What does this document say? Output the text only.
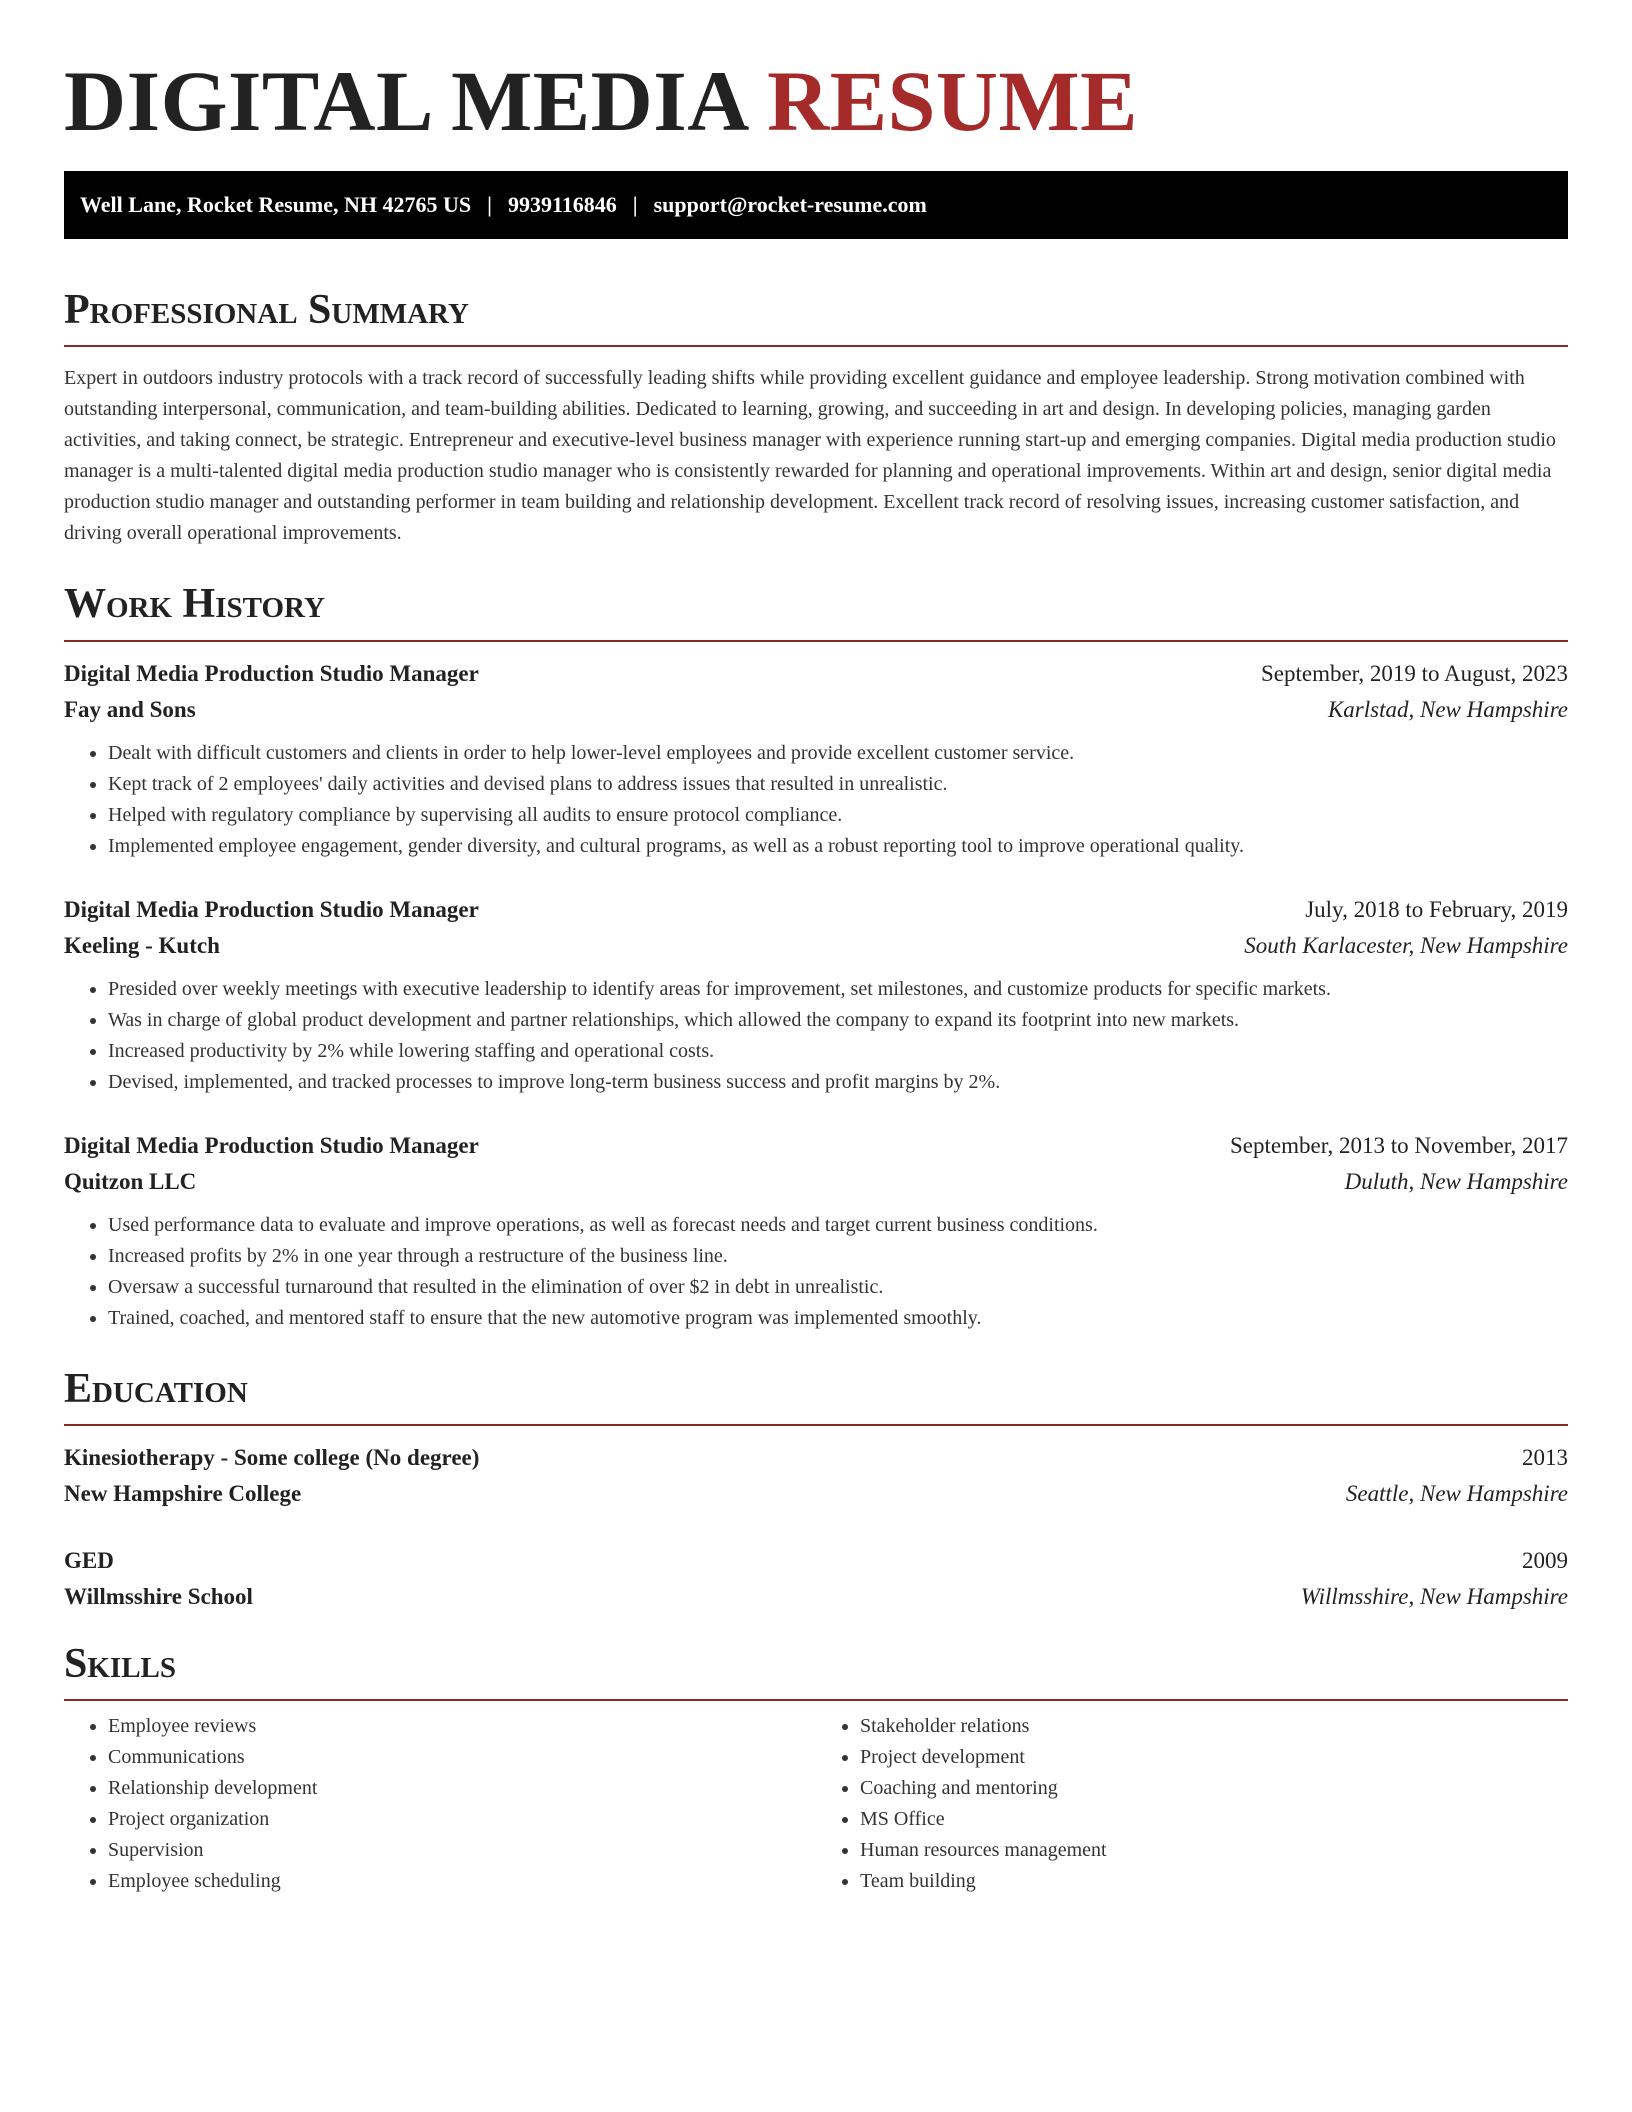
DIGITAL MEDIA RESUME
Well Lane, Rocket Resume, NH 42765 US | 9939116846 | support@rocket-resume.com
Professional Summary
Expert in outdoors industry protocols with a track record of successfully leading shifts while providing excellent guidance and employee leadership. Strong motivation combined with outstanding interpersonal, communication, and team-building abilities. Dedicated to learning, growing, and succeeding in art and design. In developing policies, managing garden activities, and taking connect, be strategic. Entrepreneur and executive-level business manager with experience running start-up and emerging companies. Digital media production studio manager is a multi-talented digital media production studio manager who is consistently rewarded for planning and operational improvements. Within art and design, senior digital media production studio manager and outstanding performer in team building and relationship development. Excellent track record of resolving issues, increasing customer satisfaction, and driving overall operational improvements.
Work History
Digital Media Production Studio Manager	September, 2019 to August, 2023
Fay and Sons	Karlstad, New Hampshire
• Dealt with difficult customers and clients in order to help lower-level employees and provide excellent customer service.
• Kept track of 2 employees' daily activities and devised plans to address issues that resulted in unrealistic.
• Helped with regulatory compliance by supervising all audits to ensure protocol compliance.
• Implemented employee engagement, gender diversity, and cultural programs, as well as a robust reporting tool to improve operational quality.
Digital Media Production Studio Manager	July, 2018 to February, 2019
Keeling - Kutch	South Karlacester, New Hampshire
• Presided over weekly meetings with executive leadership to identify areas for improvement, set milestones, and customize products for specific markets.
• Was in charge of global product development and partner relationships, which allowed the company to expand its footprint into new markets.
• Increased productivity by 2% while lowering staffing and operational costs.
• Devised, implemented, and tracked processes to improve long-term business success and profit margins by 2%.
Digital Media Production Studio Manager	September, 2013 to November, 2017
Quitzon LLC	Duluth, New Hampshire
• Used performance data to evaluate and improve operations, as well as forecast needs and target current business conditions.
• Increased profits by 2% in one year through a restructure of the business line.
• Oversaw a successful turnaround that resulted in the elimination of over $2 in debt in unrealistic.
• Trained, coached, and mentored staff to ensure that the new automotive program was implemented smoothly.
Education
Kinesiotherapy - Some college (No degree)	2013
New Hampshire College	Seattle, New Hampshire
GED	2009
Willmsshire School	Willmsshire, New Hampshire
Skills
• Employee reviews
• Communications
• Relationship development
• Project organization
• Supervision
• Employee scheduling
• Stakeholder relations
• Project development
• Coaching and mentoring
• MS Office
• Human resources management
• Team building
